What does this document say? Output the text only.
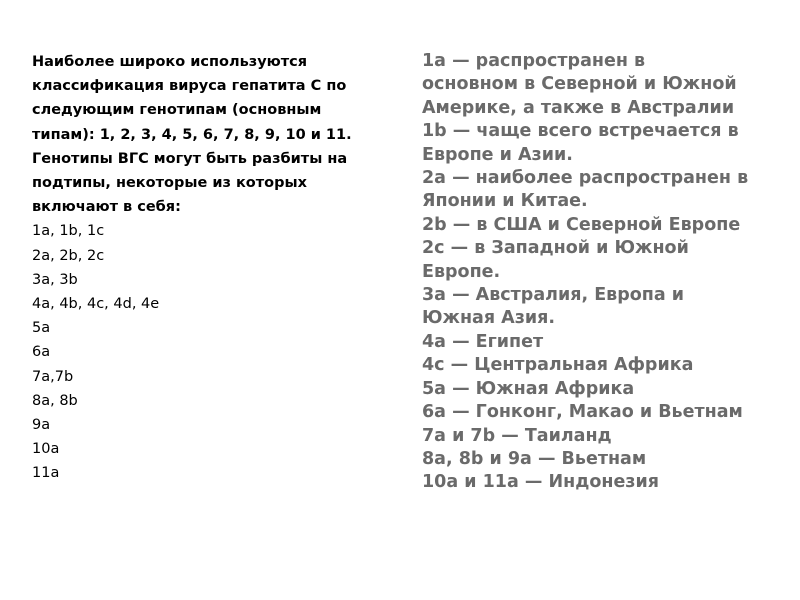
Наиболее широко используются
классификация вируса гепатита С по
следующим генотипам (основным
типам): 1, 2, 3, 4, 5, 6, 7, 8, 9, 10 и 11.
Генотипы ВГС могут быть разбиты на
подтипы, некоторые из которых
включают в себя:
1a, 1b, 1c
2a, 2b, 2c
3a, 3b
4a, 4b, 4c, 4d, 4e
5a
6a
7a,7b
8a, 8b
9a
10a
11a
1a — распространен в
основном в Северной и Южной
Америке, а также в Австралии
1b — чаще всего встречается в
Европе и Азии.
2a — наиболее распространен в
Японии и Китае.
2b — в США и Северной Европе
2c — в Западной и Южной
Европе.
3a — Австралия, Европа и
Южная Азия.
4a — Египет
4c — Центральная Африка
5a — Южная Африка
6a — Гонконг, Макао и Вьетнам
7a и 7b — Таиланд
8a, 8b и 9a — Вьетнам
10a и 11a — Индонезия
